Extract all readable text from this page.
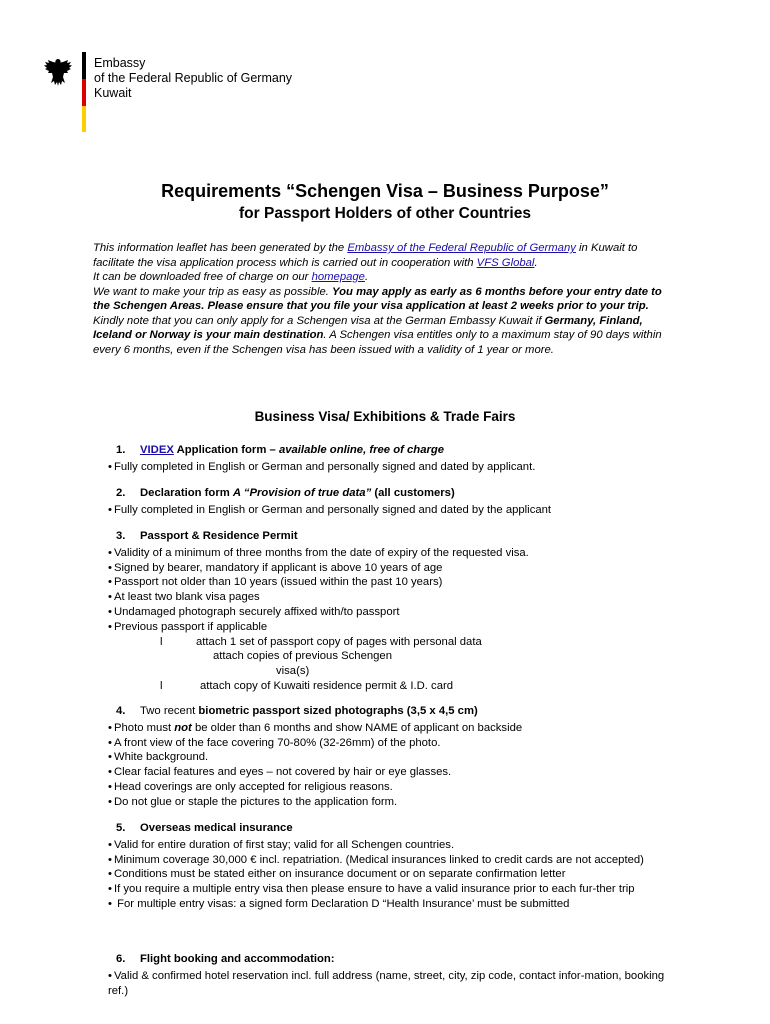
Embassy
of the Federal Republic of Germany
Kuwait
Requirements “Schengen Visa – Business Purpose”
for Passport Holders of other Countries

This information leaflet has been generated by the Embassy of the Federal Republic of Germany in Kuwait to facilitate the visa application process which is carried out in cooperation with VFS Global.

It can be downloaded free of charge on our homepage.

We want to make your trip as easy as possible. You may apply as early as 6 months before your entry date to the Schengen Areas. Please ensure that you file your visa application at least 2 weeks prior to your trip.

Kindly note that you can only apply for a Schengen visa at the German Embassy Kuwait if Germany, Finland, Iceland or Norway is your main destination. A Schengen visa entitles only to a maximum stay of 90 days within every 6 months, even if the Schengen visa has been issued with a validity of 1 year or more.

Business Visa/ Exhibitions & Trade Fairs
1. VIDEX Application form – available online, free of charge
• Fully completed in English or German and personally signed and dated by applicant.
2. Declaration form A “Provision of true data” (all customers)
• Fully completed in English or German and personally signed and dated by the applicant
3. Passport & Residence Permit
• Validity of a minimum of three months from the date of expiry of the requested visa.
• Signed by bearer, mandatory if applicant is above 10 years of age
• Passport not older than 10 years (issued within the past 10 years)
• At least two blank visa pages
• Undamaged photograph securely affixed with/to passport
• Previous passport if applicable
l	attach 1 set of passport copy of pages with personal data
attach copies of previous Schengen
visa(s)
l	attach copy of Kuwaiti residence permit & I.D. card
4. Two recent biometric passport sized photographs (3,5 x 4,5 cm)
• Photo must not be older than 6 months and show NAME of applicant on backside
• A front view of the face covering 70-80% (32-26mm) of the photo.
• White background.
• Clear facial features and eyes – not covered by hair or eye glasses.
• Head coverings are only accepted for religious reasons.
• Do not glue or staple the pictures to the application form.
5. Overseas medical insurance
• Valid for entire duration of first stay; valid for all Schengen countries.
• Minimum coverage 30,000 € incl. repatriation. (Medical insurances linked to credit cards are not accepted)
• Conditions must be stated either on insurance document or on separate confirmation letter
• If you require a multiple entry visa then please ensure to have a valid insurance prior to each fur-ther trip
• For multiple entry visas: a signed form Declaration D “Health Insurance’ must be submitted
6. Flight booking and accommodation:
• Valid & confirmed hotel reservation incl. full address (name, street, city, zip code, contact infor-mation, booking ref.)
